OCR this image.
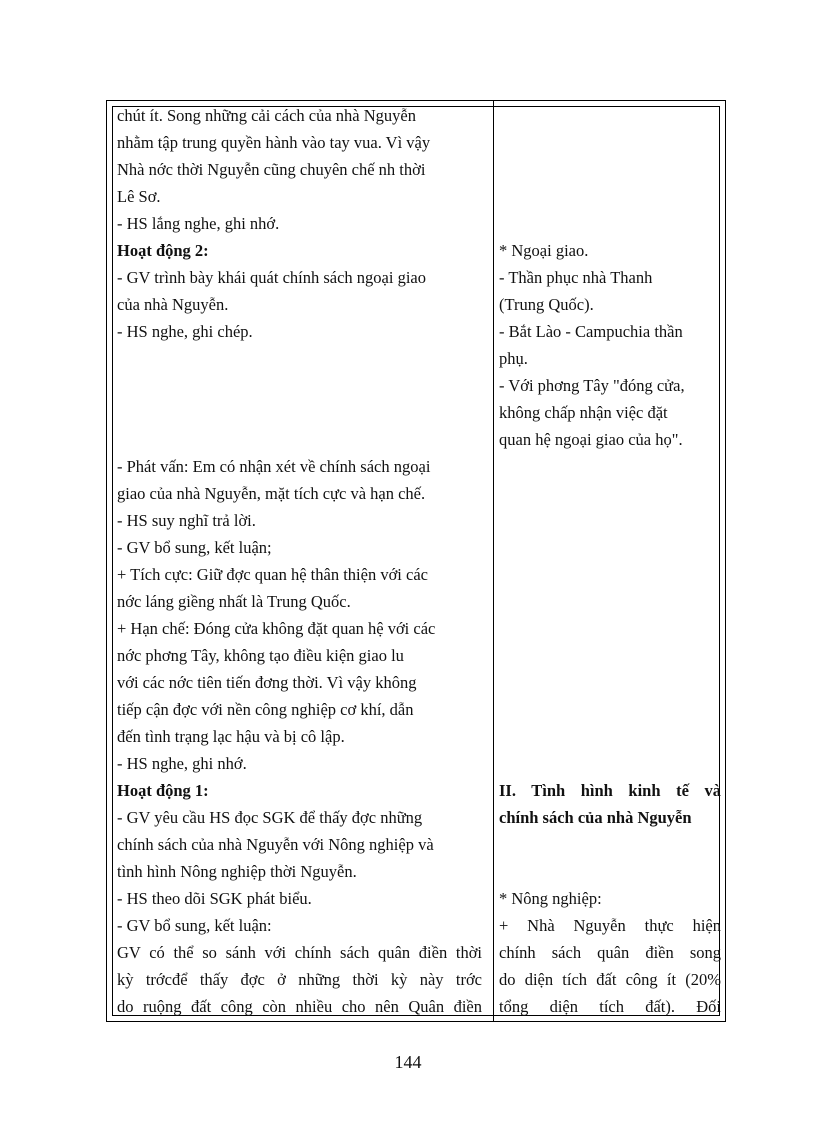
chút ít. Song những cải cách của nhà Nguyễn
nhằm tập trung quyền hành vào tay vua. Vì vậy
Nhà nớc thời Nguyễn cũng chuyên chế nh thời
Lê Sơ.
- HS lắng nghe, ghi nhớ.
Hoạt động 2:
- GV trình bày khái quát chính sách ngoại giao
của nhà Nguyễn.
- HS nghe, ghi chép.
- Phát vấn: Em có nhận xét về chính sách ngoại
giao của nhà Nguyễn, mặt tích cực và hạn chế.
- HS suy nghĩ trả lời.
- GV bổ sung, kết luận;
+ Tích cực: Giữ đợc quan hệ thân thiện với các
nớc láng giềng nhất là Trung Quốc.
+ Hạn chế: Đóng cửa không đặt quan hệ với các
nớc phơng Tây, không tạo điều kiện giao lu
với các nớc tiên tiến đơng thời. Vì vậy không
tiếp cận đợc với nền công nghiệp cơ khí, dẫn
đến tình trạng lạc hậu và bị cô lập.
- HS nghe, ghi nhớ.
Hoạt động 1:
- GV yêu cầu HS đọc SGK để thấy đợc những
chính sách của nhà Nguyễn với Nông nghiệp và
tình hình Nông nghiệp thời Nguyễn.
- HS theo dõi SGK phát biểu.
- GV bổ sung, kết luận:
GV có thể so sánh với chính sách quân điền thời
kỳ trớcđể thấy đợc ở những thời kỳ này trớc
do ruộng đất công còn nhiều cho nên Quân điền
* Ngoại giao.
- Thần phục nhà Thanh
(Trung Quốc).
- Bắt Lào - Campuchia thần
phụ.
- Với phơng Tây "đóng cửa,
không chấp nhận việc đặt
quan hệ ngoại giao của họ".
II. Tình hình kinh tế và
chính sách của nhà Nguyễn
* Nông nghiệp:
+ Nhà Nguyễn thực hiện
chính sách quân điền song
do diện tích đất công ít (20%
tổng diện tích đất). Đối
144
